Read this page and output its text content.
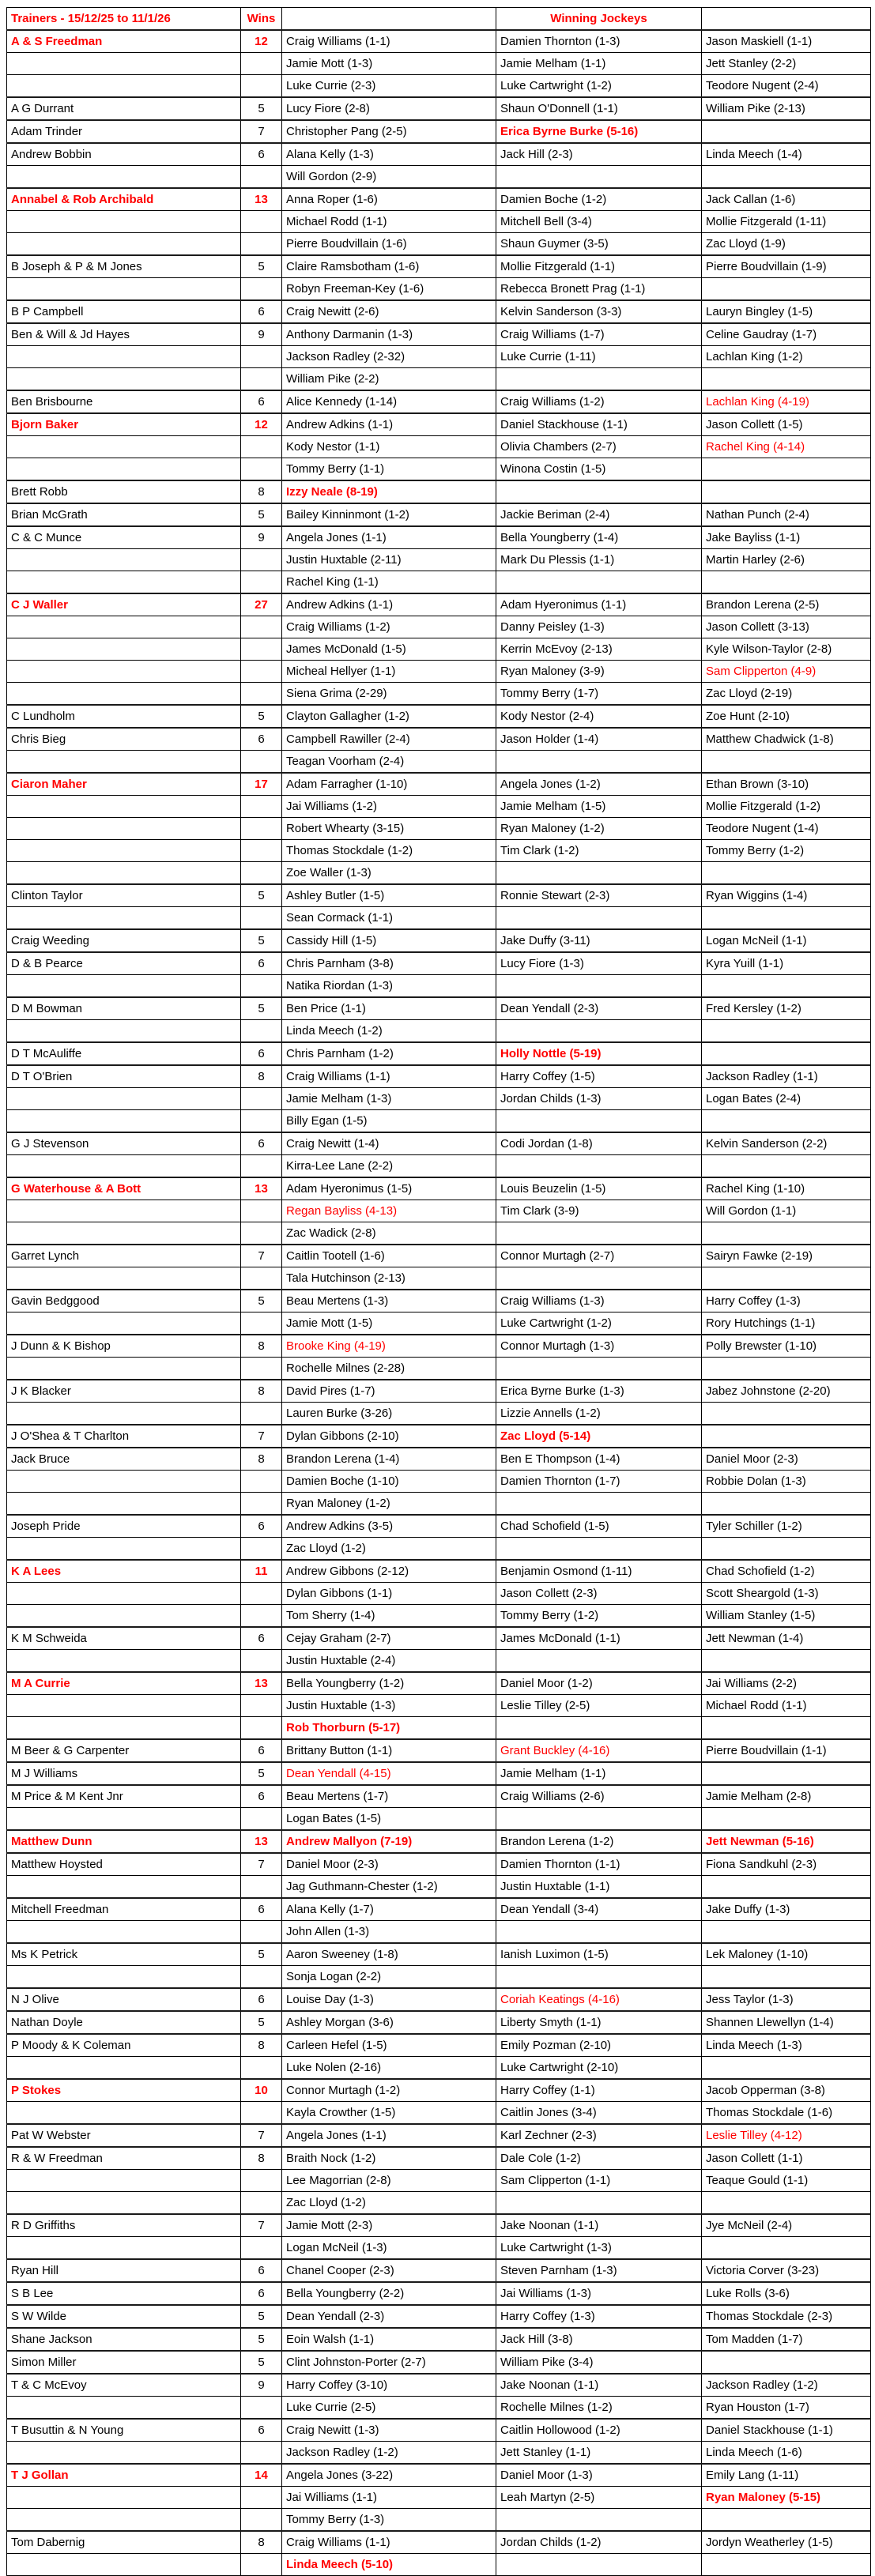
Trainers - 15/12/25 to 11/1/26	Wins		Winning Jockeys	
A & S Freedman	12	Craig Williams (1-1)	Damien Thornton (1-3)	Jason Maskiell (1-1)
		Jamie Mott (1-3)	Jamie Melham (1-1)	Jett Stanley (2-2)
		Luke Currie (2-3)	Luke Cartwright (1-2)	Teodore Nugent (2-4)
A G Durrant	5	Lucy Fiore (2-8)	Shaun O'Donnell (1-1)	William Pike (2-13)
Adam Trinder	7	Christopher Pang (2-5)	Erica Byrne Burke (5-16)	
Andrew Bobbin	6	Alana Kelly (1-3)	Jack Hill (2-3)	Linda Meech (1-4)
		Will Gordon (2-9)		
Annabel & Rob Archibald	13	Anna Roper (1-6)	Damien Boche (1-2)	Jack Callan (1-6)
		Michael Rodd (1-1)	Mitchell Bell (3-4)	Mollie Fitzgerald (1-11)
		Pierre Boudvillain (1-6)	Shaun Guymer (3-5)	Zac Lloyd (1-9)
B Joseph & P & M Jones	5	Claire Ramsbotham (1-6)	Mollie Fitzgerald (1-1)	Pierre Boudvillain (1-9)
		Robyn Freeman-Key (1-6)	Rebecca Bronett Prag (1-1)	
B P Campbell	6	Craig Newitt (2-6)	Kelvin Sanderson (3-3)	Lauryn Bingley (1-5)
Ben & Will & Jd Hayes	9	Anthony Darmanin (1-3)	Craig Williams (1-7)	Celine Gaudray (1-7)
		Jackson Radley (2-32)	Luke Currie (1-11)	Lachlan King (1-2)
		William Pike (2-2)		
Ben Brisbourne	6	Alice Kennedy (1-14)	Craig Williams (1-2)	Lachlan King (4-19)
Bjorn Baker	12	Andrew Adkins (1-1)	Daniel Stackhouse (1-1)	Jason Collett (1-5)
		Kody Nestor (1-1)	Olivia Chambers (2-7)	Rachel King (4-14)
		Tommy Berry (1-1)	Winona Costin (1-5)	
Brett Robb	8	Izzy Neale (8-19)		
Brian McGrath	5	Bailey Kinninmont (1-2)	Jackie Beriman (2-4)	Nathan Punch (2-4)
C & C Munce	9	Angela Jones (1-1)	Bella Youngberry (1-4)	Jake Bayliss (1-1)
		Justin Huxtable (2-11)	Mark Du Plessis (1-1)	Martin Harley (2-6)
		Rachel King (1-1)		
C J Waller	27	Andrew Adkins (1-1)	Adam Hyeronimus (1-1)	Brandon Lerena (2-5)
		Craig Williams (1-2)	Danny Peisley (1-3)	Jason Collett (3-13)
		James McDonald (1-5)	Kerrin McEvoy (2-13)	Kyle Wilson-Taylor (2-8)
		Micheal Hellyer (1-1)	Ryan Maloney (3-9)	Sam Clipperton (4-9)
		Siena Grima (2-29)	Tommy Berry (1-7)	Zac Lloyd (2-19)
C Lundholm	5	Clayton Gallagher (1-2)	Kody Nestor (2-4)	Zoe Hunt (2-10)
Chris Bieg	6	Campbell Rawiller (2-4)	Jason Holder (1-4)	Matthew Chadwick (1-8)
		Teagan Voorham (2-4)		
Ciaron Maher	17	Adam Farragher (1-10)	Angela Jones (1-2)	Ethan Brown (3-10)
		Jai Williams (1-2)	Jamie Melham (1-5)	Mollie Fitzgerald (1-2)
		Robert Whearty (3-15)	Ryan Maloney (1-2)	Teodore Nugent (1-4)
		Thomas Stockdale (1-2)	Tim Clark (1-2)	Tommy Berry (1-2)
		Zoe Waller (1-3)		
Clinton Taylor	5	Ashley Butler (1-5)	Ronnie Stewart (2-3)	Ryan Wiggins (1-4)
		Sean Cormack (1-1)		
Craig Weeding	5	Cassidy Hill (1-5)	Jake Duffy (3-11)	Logan McNeil (1-1)
D & B Pearce	6	Chris Parnham (3-8)	Lucy Fiore (1-3)	Kyra Yuill (1-1)
		Natika Riordan (1-3)		
D M Bowman	5	Ben Price (1-1)	Dean Yendall (2-3)	Fred Kersley (1-2)
		Linda Meech (1-2)		
D T McAuliffe	6	Chris Parnham (1-2)	Holly Nottle (5-19)	
D T O'Brien	8	Craig Williams (1-1)	Harry Coffey (1-5)	Jackson Radley (1-1)
		Jamie Melham (1-3)	Jordan Childs (1-3)	Logan Bates (2-4)
		Billy Egan (1-5)		
G J Stevenson	6	Craig Newitt (1-4)	Codi Jordan (1-8)	Kelvin Sanderson (2-2)
		Kirra-Lee Lane (2-2)		
G Waterhouse & A Bott	13	Adam Hyeronimus (1-5)	Louis Beuzelin (1-5)	Rachel King (1-10)
		Regan Bayliss (4-13)	Tim Clark (3-9)	Will Gordon (1-1)
		Zac Wadick (2-8)		
Garret Lynch	7	Caitlin Tootell (1-6)	Connor Murtagh (2-7)	Sairyn Fawke (2-19)
		Tala Hutchinson (2-13)		
Gavin Bedggood	5	Beau Mertens (1-3)	Craig Williams (1-3)	Harry Coffey (1-3)
		Jamie Mott (1-5)	Luke Cartwright (1-2)	Rory Hutchings (1-1)
J Dunn & K Bishop	8	Brooke King (4-19)	Connor Murtagh (1-3)	Polly Brewster (1-10)
		Rochelle Milnes (2-28)		
J K Blacker	8	David Pires (1-7)	Erica Byrne Burke (1-3)	Jabez Johnstone (2-20)
		Lauren Burke (3-26)	Lizzie Annells (1-2)	
J O'Shea & T Charlton	7	Dylan Gibbons (2-10)	Zac Lloyd (5-14)	
Jack Bruce	8	Brandon Lerena (1-4)	Ben E Thompson (1-4)	Daniel Moor (2-3)
		Damien Boche (1-10)	Damien Thornton (1-7)	Robbie Dolan (1-3)
		Ryan Maloney (1-2)		
Joseph Pride	6	Andrew Adkins (3-5)	Chad Schofield (1-5)	Tyler Schiller (1-2)
		Zac Lloyd (1-2)		
K A Lees	11	Andrew Gibbons (2-12)	Benjamin Osmond (1-11)	Chad Schofield (1-2)
		Dylan Gibbons (1-1)	Jason Collett (2-3)	Scott Sheargold (1-3)
		Tom Sherry (1-4)	Tommy Berry (1-2)	William Stanley (1-5)
K M Schweida	6	Cejay Graham (2-7)	James McDonald (1-1)	Jett Newman (1-4)
		Justin Huxtable (2-4)		
M A Currie	13	Bella Youngberry (1-2)	Daniel Moor (1-2)	Jai Williams (2-2)
		Justin Huxtable (1-3)	Leslie Tilley (2-5)	Michael Rodd (1-1)
		Rob Thorburn (5-17)		
M Beer & G Carpenter	6	Brittany Button (1-1)	Grant Buckley (4-16)	Pierre Boudvillain (1-1)
M J Williams	5	Dean Yendall (4-15)	Jamie Melham (1-1)	
M Price & M Kent Jnr	6	Beau Mertens (1-7)	Craig Williams (2-6)	Jamie Melham (2-8)
		Logan Bates (1-5)		
Matthew Dunn	13	Andrew Mallyon (7-19)	Brandon Lerena (1-2)	Jett Newman (5-16)
Matthew Hoysted	7	Daniel Moor (2-3)	Damien Thornton (1-1)	Fiona Sandkuhl (2-3)
		Jag Guthmann-Chester (1-2)	Justin Huxtable (1-1)	
Mitchell Freedman	6	Alana Kelly (1-7)	Dean Yendall (3-4)	Jake Duffy (1-3)
		John Allen (1-3)		
Ms K Petrick	5	Aaron Sweeney (1-8)	Ianish Luximon (1-5)	Lek Maloney (1-10)
		Sonja Logan (2-2)		
N J Olive	6	Louise Day (1-3)	Coriah Keatings (4-16)	Jess Taylor (1-3)
Nathan Doyle	5	Ashley Morgan (3-6)	Liberty Smyth (1-1)	Shannen Llewellyn (1-4)
P Moody & K Coleman	8	Carleen Hefel (1-5)	Emily Pozman (2-10)	Linda Meech (1-3)
		Luke Nolen (2-16)	Luke Cartwright (2-10)	
P Stokes	10	Connor Murtagh (1-2)	Harry Coffey (1-1)	Jacob Opperman (3-8)
		Kayla Crowther (1-5)	Caitlin Jones (3-4)	Thomas Stockdale (1-6)
Pat W Webster	7	Angela Jones (1-1)	Karl Zechner (2-3)	Leslie Tilley (4-12)
R & W Freedman	8	Braith Nock (1-2)	Dale Cole (1-2)	Jason Collett (1-1)
		Lee Magorrian (2-8)	Sam Clipperton (1-1)	Teaque Gould (1-1)
		Zac Lloyd (1-2)		
R D Griffiths	7	Jamie Mott (2-3)	Jake Noonan (1-1)	Jye McNeil (2-4)
		Logan McNeil (1-3)	Luke Cartwright (1-3)	
Ryan Hill	6	Chanel Cooper (2-3)	Steven Parnham (1-3)	Victoria Corver (3-23)
S B Lee	6	Bella Youngberry (2-2)	Jai Williams (1-3)	Luke Rolls (3-6)
S W Wilde	5	Dean Yendall (2-3)	Harry Coffey (1-3)	Thomas Stockdale (2-3)
Shane Jackson	5	Eoin Walsh (1-1)	Jack Hill (3-8)	Tom Madden (1-7)
Simon Miller	5	Clint Johnston-Porter (2-7)	William Pike (3-4)	
T & C McEvoy	9	Harry Coffey (3-10)	Jake Noonan (1-1)	Jackson Radley (1-2)
		Luke Currie (2-5)	Rochelle Milnes (1-2)	Ryan Houston (1-7)
T Busuttin & N Young	6	Craig Newitt (1-3)	Caitlin Hollowood (1-2)	Daniel Stackhouse (1-1)
		Jackson Radley (1-2)	Jett Stanley (1-1)	Linda Meech (1-6)
T J Gollan	14	Angela Jones (3-22)	Daniel Moor (1-3)	Emily Lang (1-11)
		Jai Williams (1-1)	Leah Martyn (2-5)	Ryan Maloney (5-15)
		Tommy Berry (1-3)		
Tom Dabernig	8	Craig Williams (1-1)	Jordan Childs (1-2)	Jordyn Weatherley (1-5)
		Linda Meech (5-10)		
